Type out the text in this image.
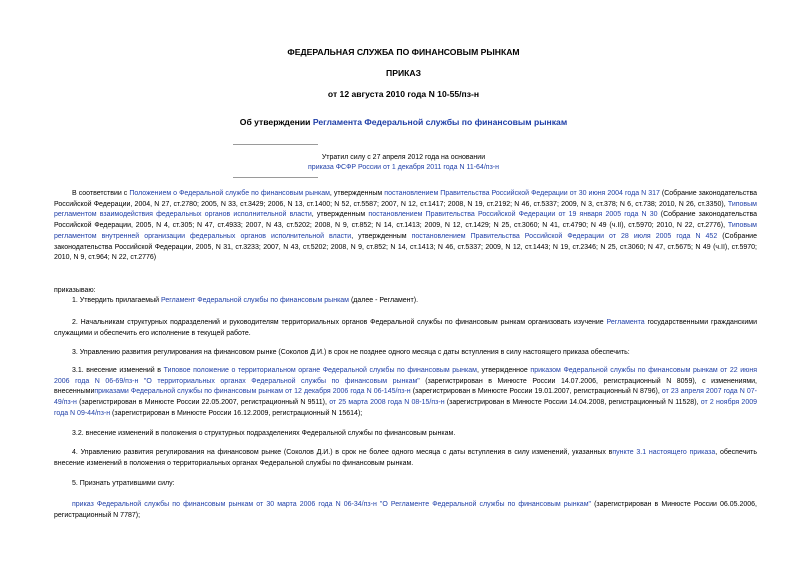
ФЕДЕРАЛЬНАЯ СЛУЖБА ПО ФИНАНСОВЫМ РЫНКАМ
ПРИКАЗ
от 12 августа 2010 года N 10-55/пз-н
Об утверждении Регламента Федеральной службы по финансовым рынкам
Утратил силу с 27 апреля 2012 года на основании
приказа ФСФР России от 1 декабря 2011 года N 11-64/пз-н
В соответствии с Положением о Федеральной службе по финансовым рынкам, утвержденным постановлением Правительства Российской Федерации от 30 июня 2004 года N 317 (Собрание законодательства Российской Федерации, 2004, N 27, ст.2780; 2005, N 33, ст.3429; 2006, N 13, ст.1400; N 52, ст.5587; 2007, N 12, ст.1417; 2008, N 19, ст.2192; N 46, ст.5337; 2009, N 3, ст.378; N 6, ст.738; 2010, N 26, ст.3350), Типовым регламентом взаимодействия федеральных органов исполнительной власти, утвержденным постановлением Правительства Российской Федерации от 19 января 2005 года N 30 (Собрание законодательства Российской Федерации, 2005, N 4, ст.305; N 47, ст.4933; 2007, N 43, ст.5202; 2008, N 9, ст.852; N 14, ст.1413; 2009, N 12, ст.1429; N 25, ст.3060; N 41, ст.4790; N 49 (ч.II), ст.5970; 2010, N 22, ст.2776), Типовым регламентом внутренней организации федеральных органов исполнительной власти, утвержденным постановлением Правительства Российской Федерации от 28 июля 2005 года N 452 (Собрание законодательства Российской Федерации, 2005, N 31, ст.3233; 2007, N 43, ст.5202; 2008, N 9, ст.852; N 14, ст.1413; N 46, ст.5337; 2009, N 12, ст.1443; N 19, ст.2346; N 25, ст.3060; N 47, ст.5675; N 49 (ч.II), ст.5970; 2010, N 9, ст.964; N 22, ст.2776)
приказываю:
1. Утвердить прилагаемый Регламент Федеральной службы по финансовым рынкам (далее - Регламент).
2. Начальникам структурных подразделений и руководителям территориальных органов Федеральной службы по финансовым рынкам организовать изучение Регламента государственными гражданскими служащими и обеспечить его исполнение в текущей работе.
3. Управлению развития регулирования на финансовом рынке (Соколов Д.И.) в срок не позднее одного месяца с даты вступления в силу настоящего приказа обеспечить:
3.1. внесение изменений в Типовое положение о территориальном органе Федеральной службы по финансовым рынкам, утвержденное приказом Федеральной службы по финансовым рынкам от 22 июня 2006 года N 06-69/пз-н "О территориальных органах Федеральной службы по финансовым рынкам" (зарегистрирован в Минюсте России 14.07.2006, регистрационный N 8059), с изменениями, внесеннымиприказами Федеральной службы по финансовым рынкам от 12 декабря 2006 года N 06-145/пз-н (зарегистрирован в Минюсте России 19.01.2007, регистрационный N 8796), от 23 апреля 2007 года N 07-49/пз-н (зарегистрирован в Минюсте России 22.05.2007, регистрационный N 9511), от 25 марта 2008 года N 08-15/пз-н (зарегистрирован в Минюсте России 14.04.2008, регистрационный N 11528), от 2 ноября 2009 года N 09-44/пз-н (зарегистрирован в Минюсте России 16.12.2009, регистрационный N 15614);
3.2. внесение изменений в положения о структурных подразделениях Федеральной службы по финансовым рынкам.
4. Управлению развития регулирования на финансовом рынке (Соколов Д.И.) в срок не более одного месяца с даты вступления в силу изменений, указанных впункте 3.1 настоящего приказа, обеспечить внесение изменений в положения о территориальных органах Федеральной службы по финансовым рынкам.
5. Признать утратившими силу:
приказ Федеральной службы по финансовым рынкам от 30 марта 2006 года N 06-34/пз-н "О Регламенте Федеральной службы по финансовым рынкам" (зарегистрирован в Минюсте России 06.05.2006, регистрационный N 7787);
